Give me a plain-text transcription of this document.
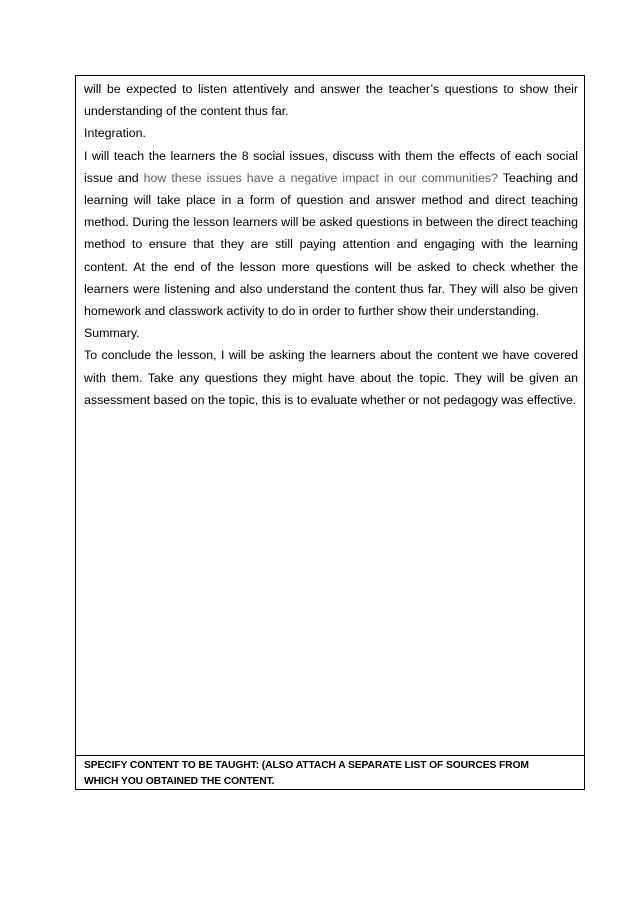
will be expected to listen attentively and answer the teacher’s questions to show their understanding of the content thus far.

Integration.

I will teach the learners the 8 social issues, discuss with them the effects of each social issue and how these issues have a negative impact in our communities? Teaching and learning will take place in a form of question and answer method and direct teaching method. During the lesson learners will be asked questions in between the direct teaching method to ensure that they are still paying attention and engaging with the learning content. At the end of the lesson more questions will be asked to check whether the learners were listening and also understand the content thus far. They will also be given homework and classwork activity to do in order to further show their understanding.

Summary.

To conclude the lesson, I will be asking the learners about the content we have covered with them. Take any questions they might have about the topic. They will be given an assessment based on the topic, this is to evaluate whether or not pedagogy was effective.

SPECIFY CONTENT TO BE TAUGHT: (ALSO ATTACH A SEPARATE LIST OF SOURCES FROM

WHICH YOU OBTAINED THE CONTENT.
